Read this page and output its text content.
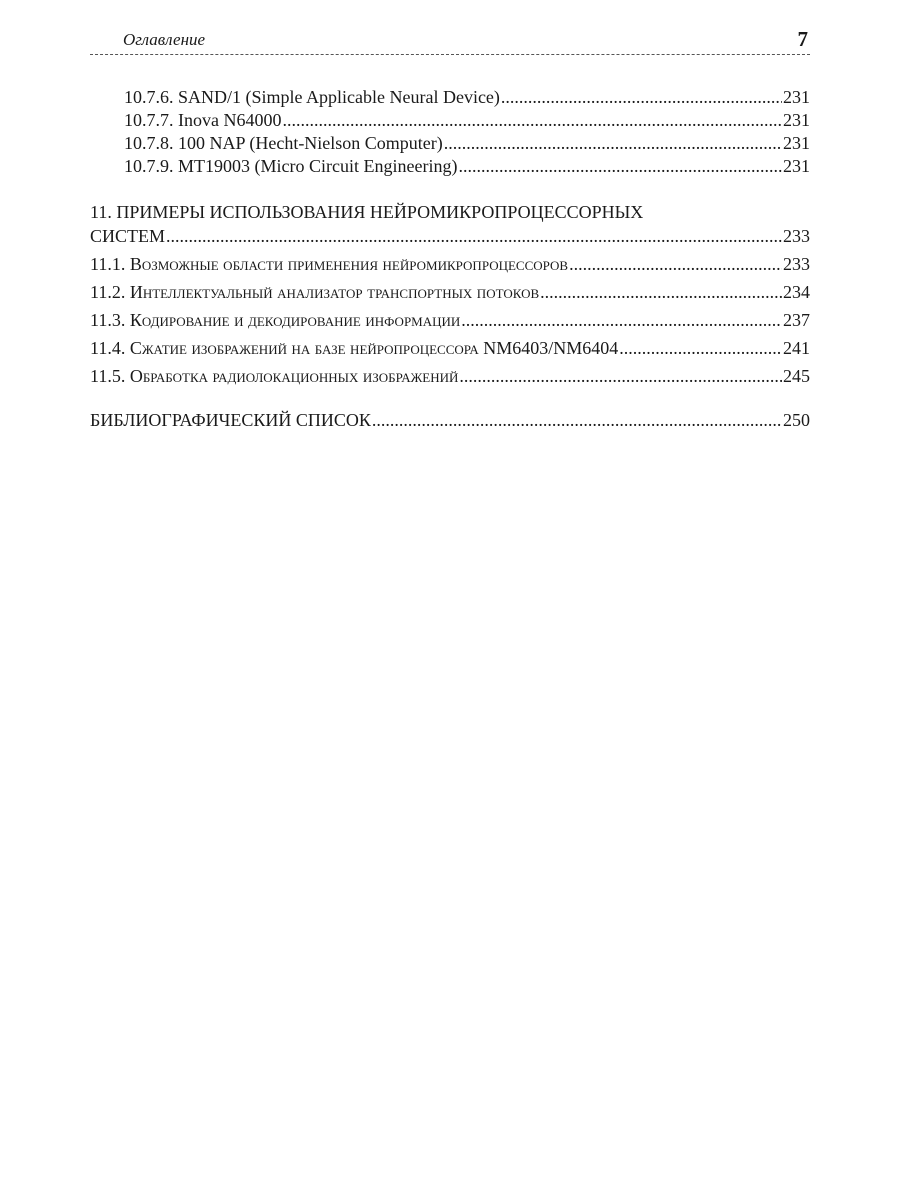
Оглавление	7
10.7.6. SAND/1 (Simple Applicable Neural Device) .....	231
10.7.7. Inova N64000 .....	231
10.7.8. 100 NAP (Hecht-Nielson Computer) .....	231
10.7.9. MT19003 (Micro Circuit Engineering) .....	231
11. ПРИМЕРЫ ИСПОЛЬЗОВАНИЯ НЕЙРОМИКРОПРОЦЕССОРНЫХ
СИСТЕМ .....	233
11.1. Возможные области применения нейромикропроцессоров .....	233
11.2. Интеллектуальный анализатор транспортных потоков .....	234
11.3. Кодирование и декодирование информации .....	237
11.4. Сжатие изображений на базе нейропроцессора NM6403/NM6404 .....	241
11.5. Обработка радиолокационных изображений .....	245
БИБЛИОГРАФИЧЕСКИЙ СПИСОК .....	250
